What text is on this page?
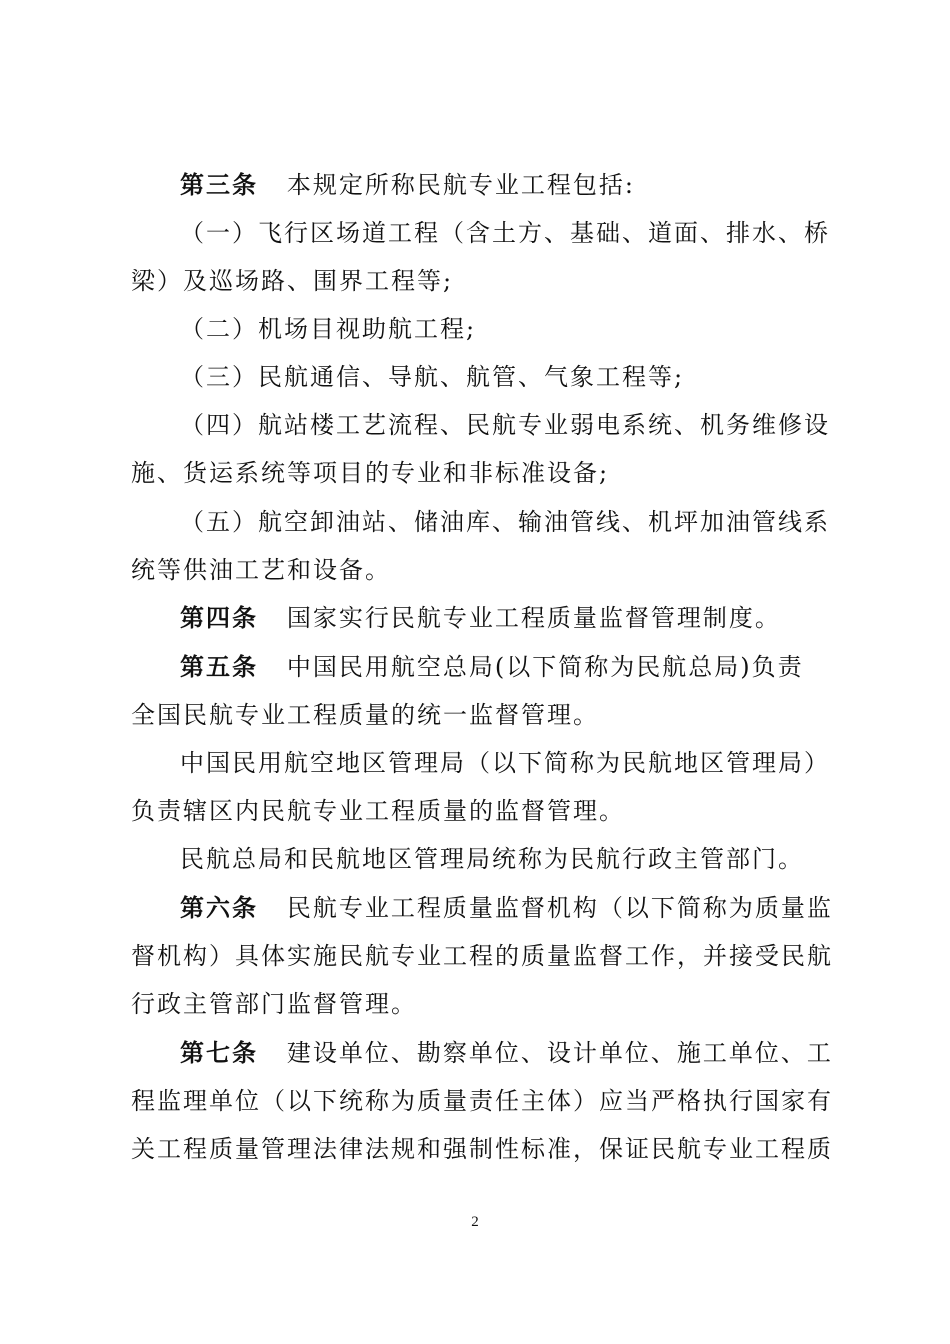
第三条 本规定所称民航专业工程包括:
（一）飞行区场道工程（含土方、基础、道面、排水、桥
梁）及巡场路、围界工程等;
（二）机场目视助航工程;
（三）民航通信、导航、航管、气象工程等;
（四）航站楼工艺流程、民航专业弱电系统、机务维修设
施、货运系统等项目的专业和非标准设备;
（五）航空卸油站、储油库、输油管线、机坪加油管线系
统等供油工艺和设备。
第四条 国家实行民航专业工程质量监督管理制度。
第五条 中国民用航空总局(以下简称为民航总局)负责
全国民航专业工程质量的统一监督管理。
中国民用航空地区管理局（以下简称为民航地区管理局）
负责辖区内民航专业工程质量的监督管理。
民航总局和民航地区管理局统称为民航行政主管部门。
第六条 民航专业工程质量监督机构（以下简称为质量监
督机构）具体实施民航专业工程的质量监督工作，并接受民航
行政主管部门监督管理。
第七条 建设单位、勘察单位、设计单位、施工单位、工
程监理单位（以下统称为质量责任主体）应当严格执行国家有
关工程质量管理法律法规和强制性标准，保证民航专业工程质
2
